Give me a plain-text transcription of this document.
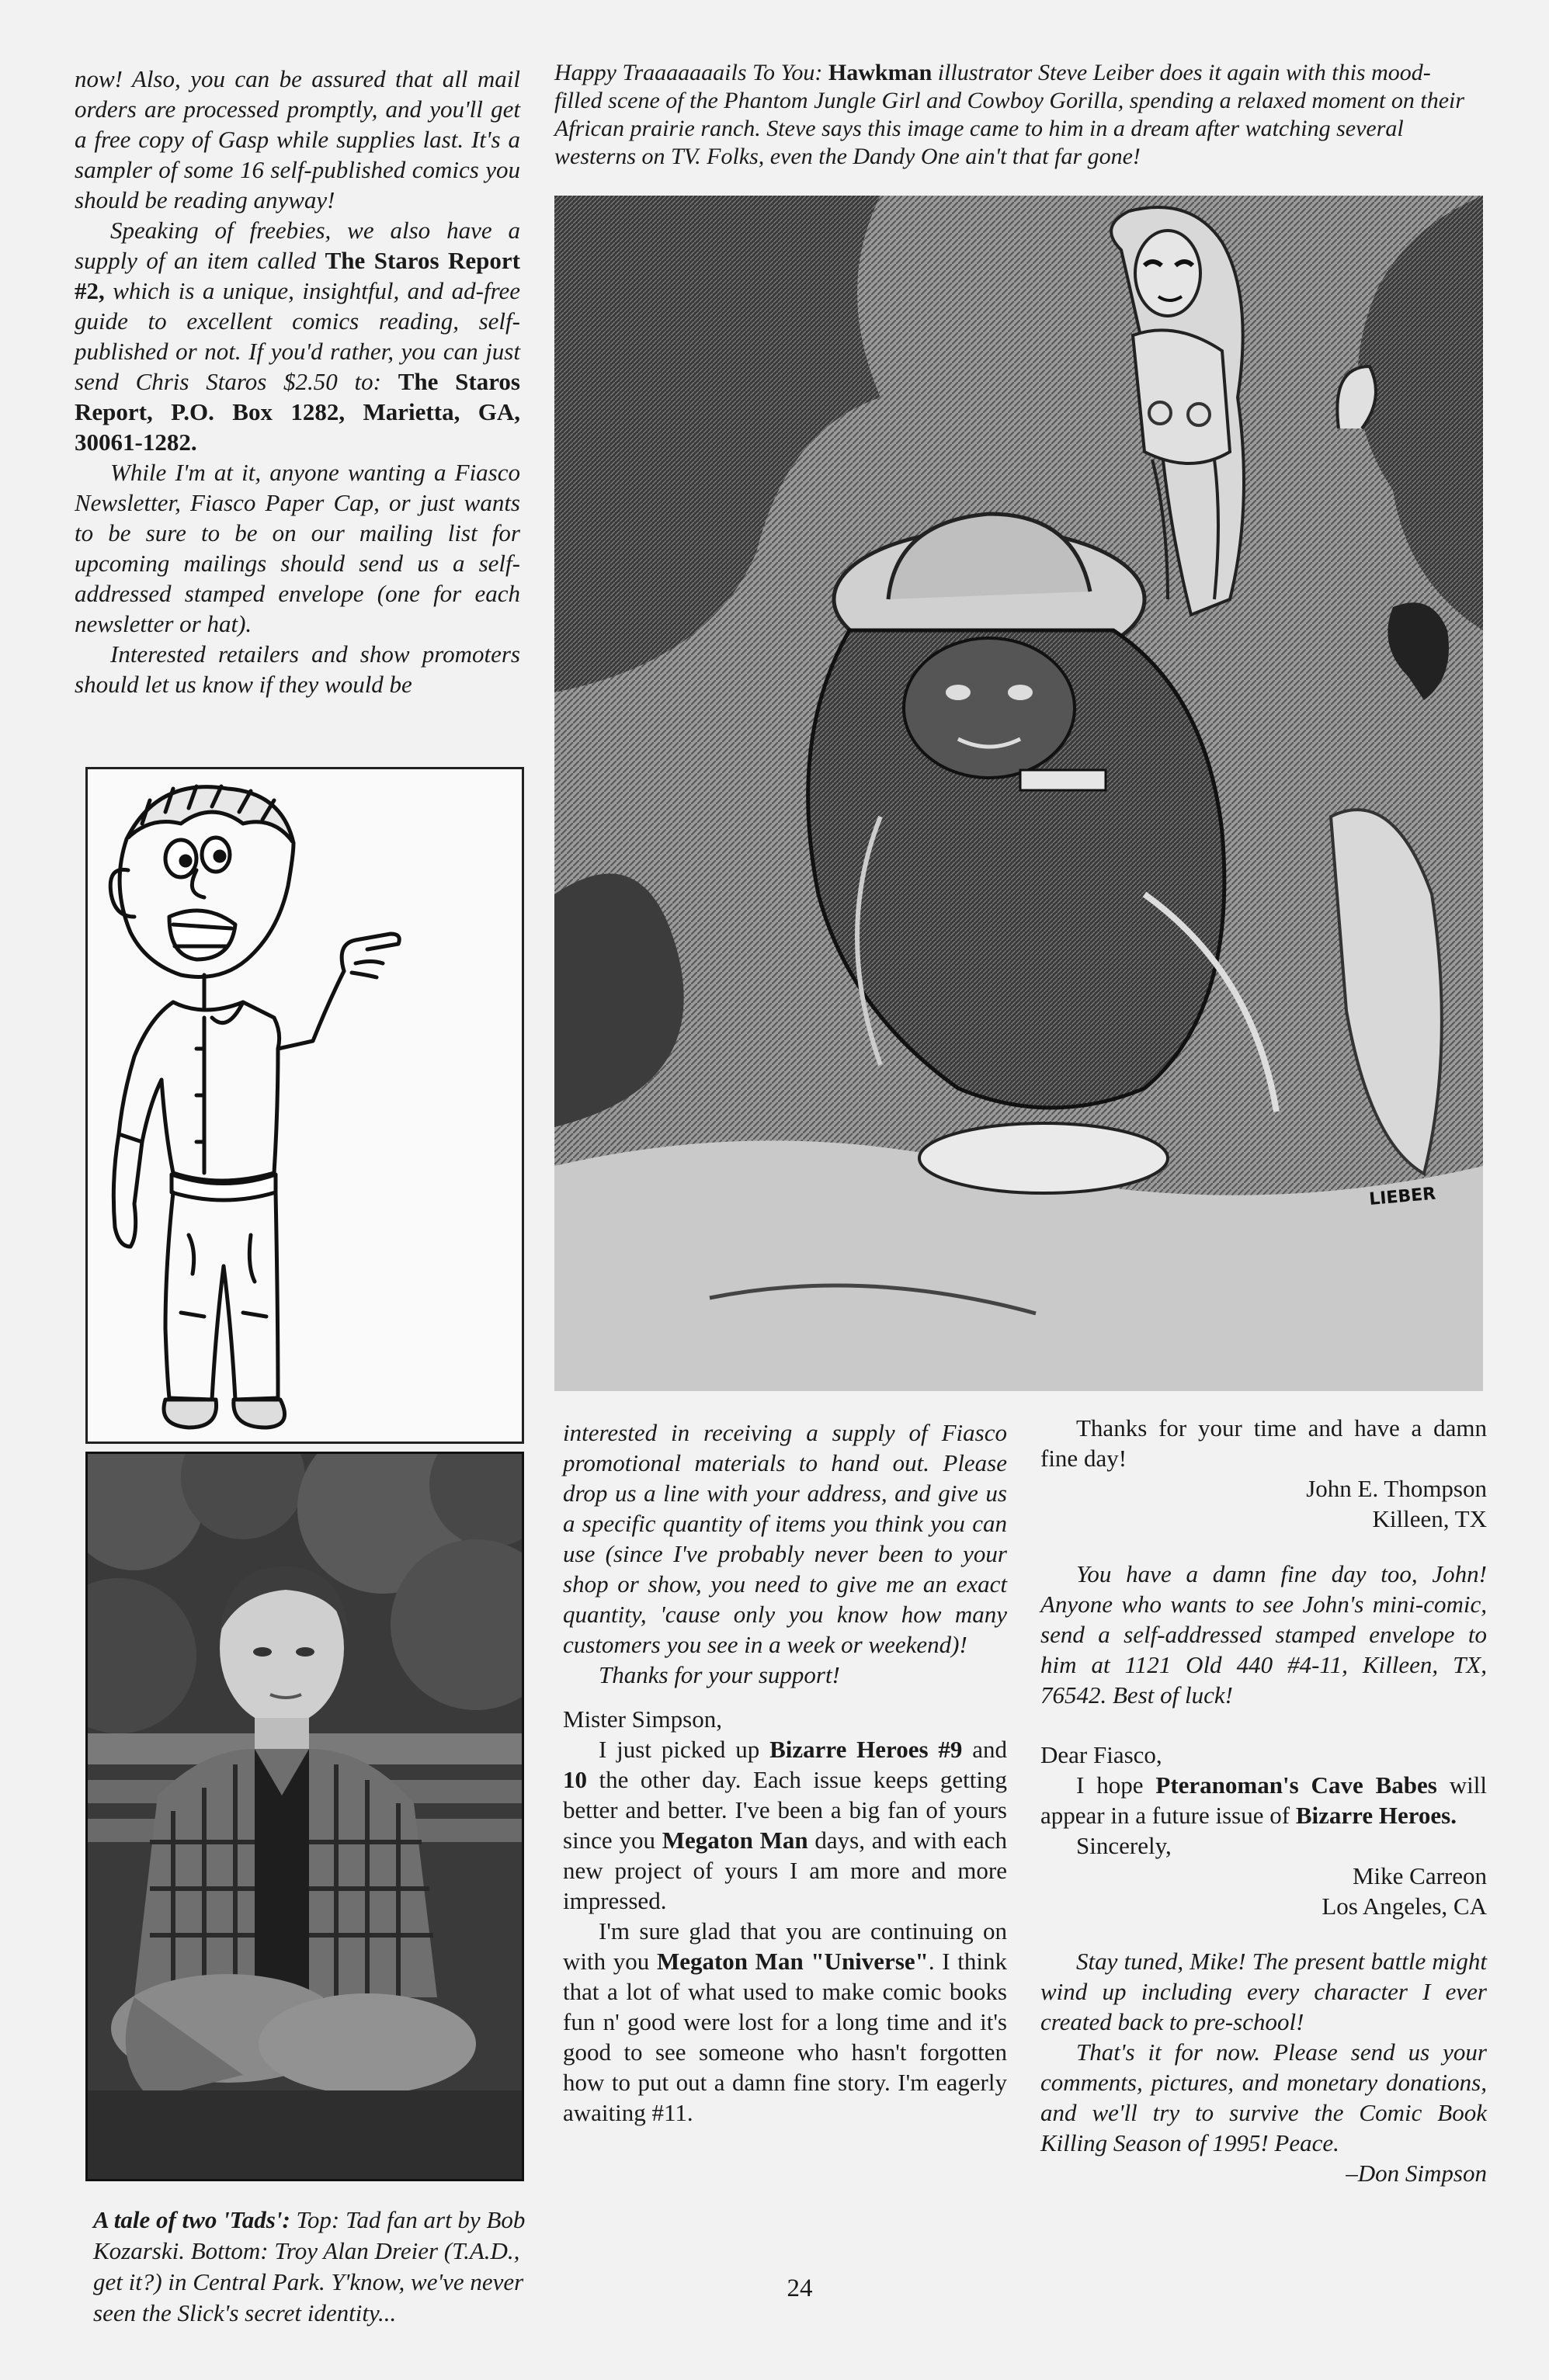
now! Also, you can be assured that all mail orders are processed promptly, and you'll get a free copy of Gasp while supplies last. It's a sampler of some 16 self-published comics you should be reading anyway!

Speaking of freebies, we also have a supply of an item called The Staros Report #2, which is a unique, insightful, and ad-free guide to excellent comics reading, self-published or not. If you'd rather, you can just send Chris Staros $2.50 to: The Staros Report, P.O. Box 1282, Marietta, GA, 30061-1282.

While I'm at it, anyone wanting a Fiasco Newsletter, Fiasco Paper Cap, or just wants to be sure to be on our mailing list for upcoming mailings should send us a self-addressed stamped envelope (one for each newsletter or hat).

Interested retailers and show promoters should let us know if they would be

A tale of two 'Tads': Top: Tad fan art by Bob Kozarski. Bottom: Troy Alan Dreier (T.A.D., get it?) in Central Park. Y'know, we've never seen the Slick's secret identity...
Happy Traaaaaaails To You: Hawkman illustrator Steve Leiber does it again with this mood-filled scene of the Phantom Jungle Girl and Cowboy Gorilla, spending a relaxed moment on their African prairie ranch. Steve says this image came to him in a dream after watching several westerns on TV. Folks, even the Dandy One ain't that far gone!
LIEBER

interested in receiving a supply of Fiasco promotional materials to hand out. Please drop us a line with your address, and give us a specific quantity of items you think you can use (since I've probably never been to your shop or show, you need to give me an exact quantity, 'cause only you know how many customers you see in a week or weekend)!

Thanks for your support!

Mister Simpson,

I just picked up Bizarre Heroes #9 and 10 the other day. Each issue keeps getting better and better. I've been a big fan of yours since you Megaton Man days, and with each new project of yours I am more and more impressed.

I'm sure glad that you are continuing on with you Megaton Man "Universe". I think that a lot of what used to make comic books fun n' good were lost for a long time and it's good to see someone who hasn't forgotten how to put out a damn fine story. I'm eagerly awaiting #11.

Thanks for your time and have a damn fine day!

John E. Thompson

Killeen, TX

You have a damn fine day too, John! Anyone who wants to see John's mini-comic, send a self-addressed stamped envelope to him at 1121 Old 440 #4-11, Killeen, TX, 76542. Best of luck!

Dear Fiasco,

I hope Pteranoman's Cave Babes will appear in a future issue of Bizarre Heroes.

Sincerely,

Mike Carreon

Los Angeles, CA

Stay tuned, Mike! The present battle might wind up including every character I ever created back to pre-school!

That's it for now. Please send us your comments, pictures, and monetary donations, and we'll try to survive the Comic Book Killing Season of 1995! Peace.

–Don Simpson

24
